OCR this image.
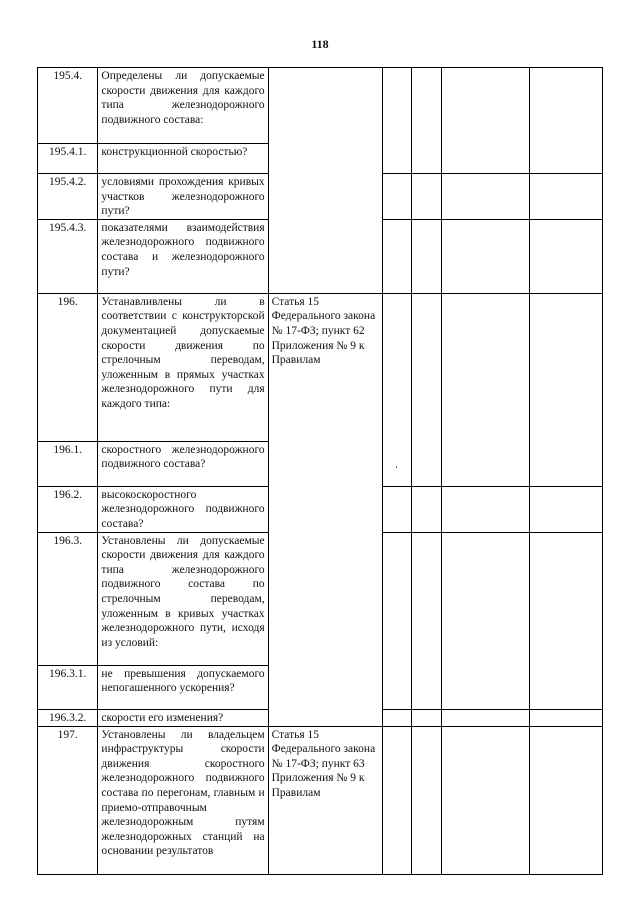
118
195.4.	Определены ли допускаемые скорости движения для каждого типа железнодорожного подвижного состава:					
195.4.1.	конструкционной скоростью?					
195.4.2.	условиями прохождения кривых участков железнодорожного пути?					
195.4.3.	показателями взаимодействия железнодорожного подвижного состава и железнодорожного пути?					
196.	Устанавливлены ли в соответствии с конструкторской документацией допускаемые скорости движения по стрелочным переводам, уложенным в прямых участках железнодорожного пути для каждого типа:	Статья 15 Федерального закона № 17-ФЗ; пункт 62 Приложения № 9 к Правилам				
196.1.	скоростного железнодорожного подвижного состава?					
196.2.	высокоскоростного железнодорожного подвижного состава?					
196.3.	Установлены ли допускаемые скорости движения для каждого типа железнодорожного подвижного состава по стрелочным переводам, уложенным в кривых участках железнодорожного пути, исходя из условий:					
196.3.1.	не превышения допускаемого непогашенного ускорения?					
196.3.2.	скорости его изменения?					
197.	Установлены ли владельцем инфраструктуры скорости движения скоростного железнодорожного подвижного состава по перегонам, главным и приемо-отправочным железнодорожным путям железнодорожных станций на основании результатов	Статья 15 Федерального закона № 17-ФЗ; пункт 63 Приложения № 9 к Правилам				
